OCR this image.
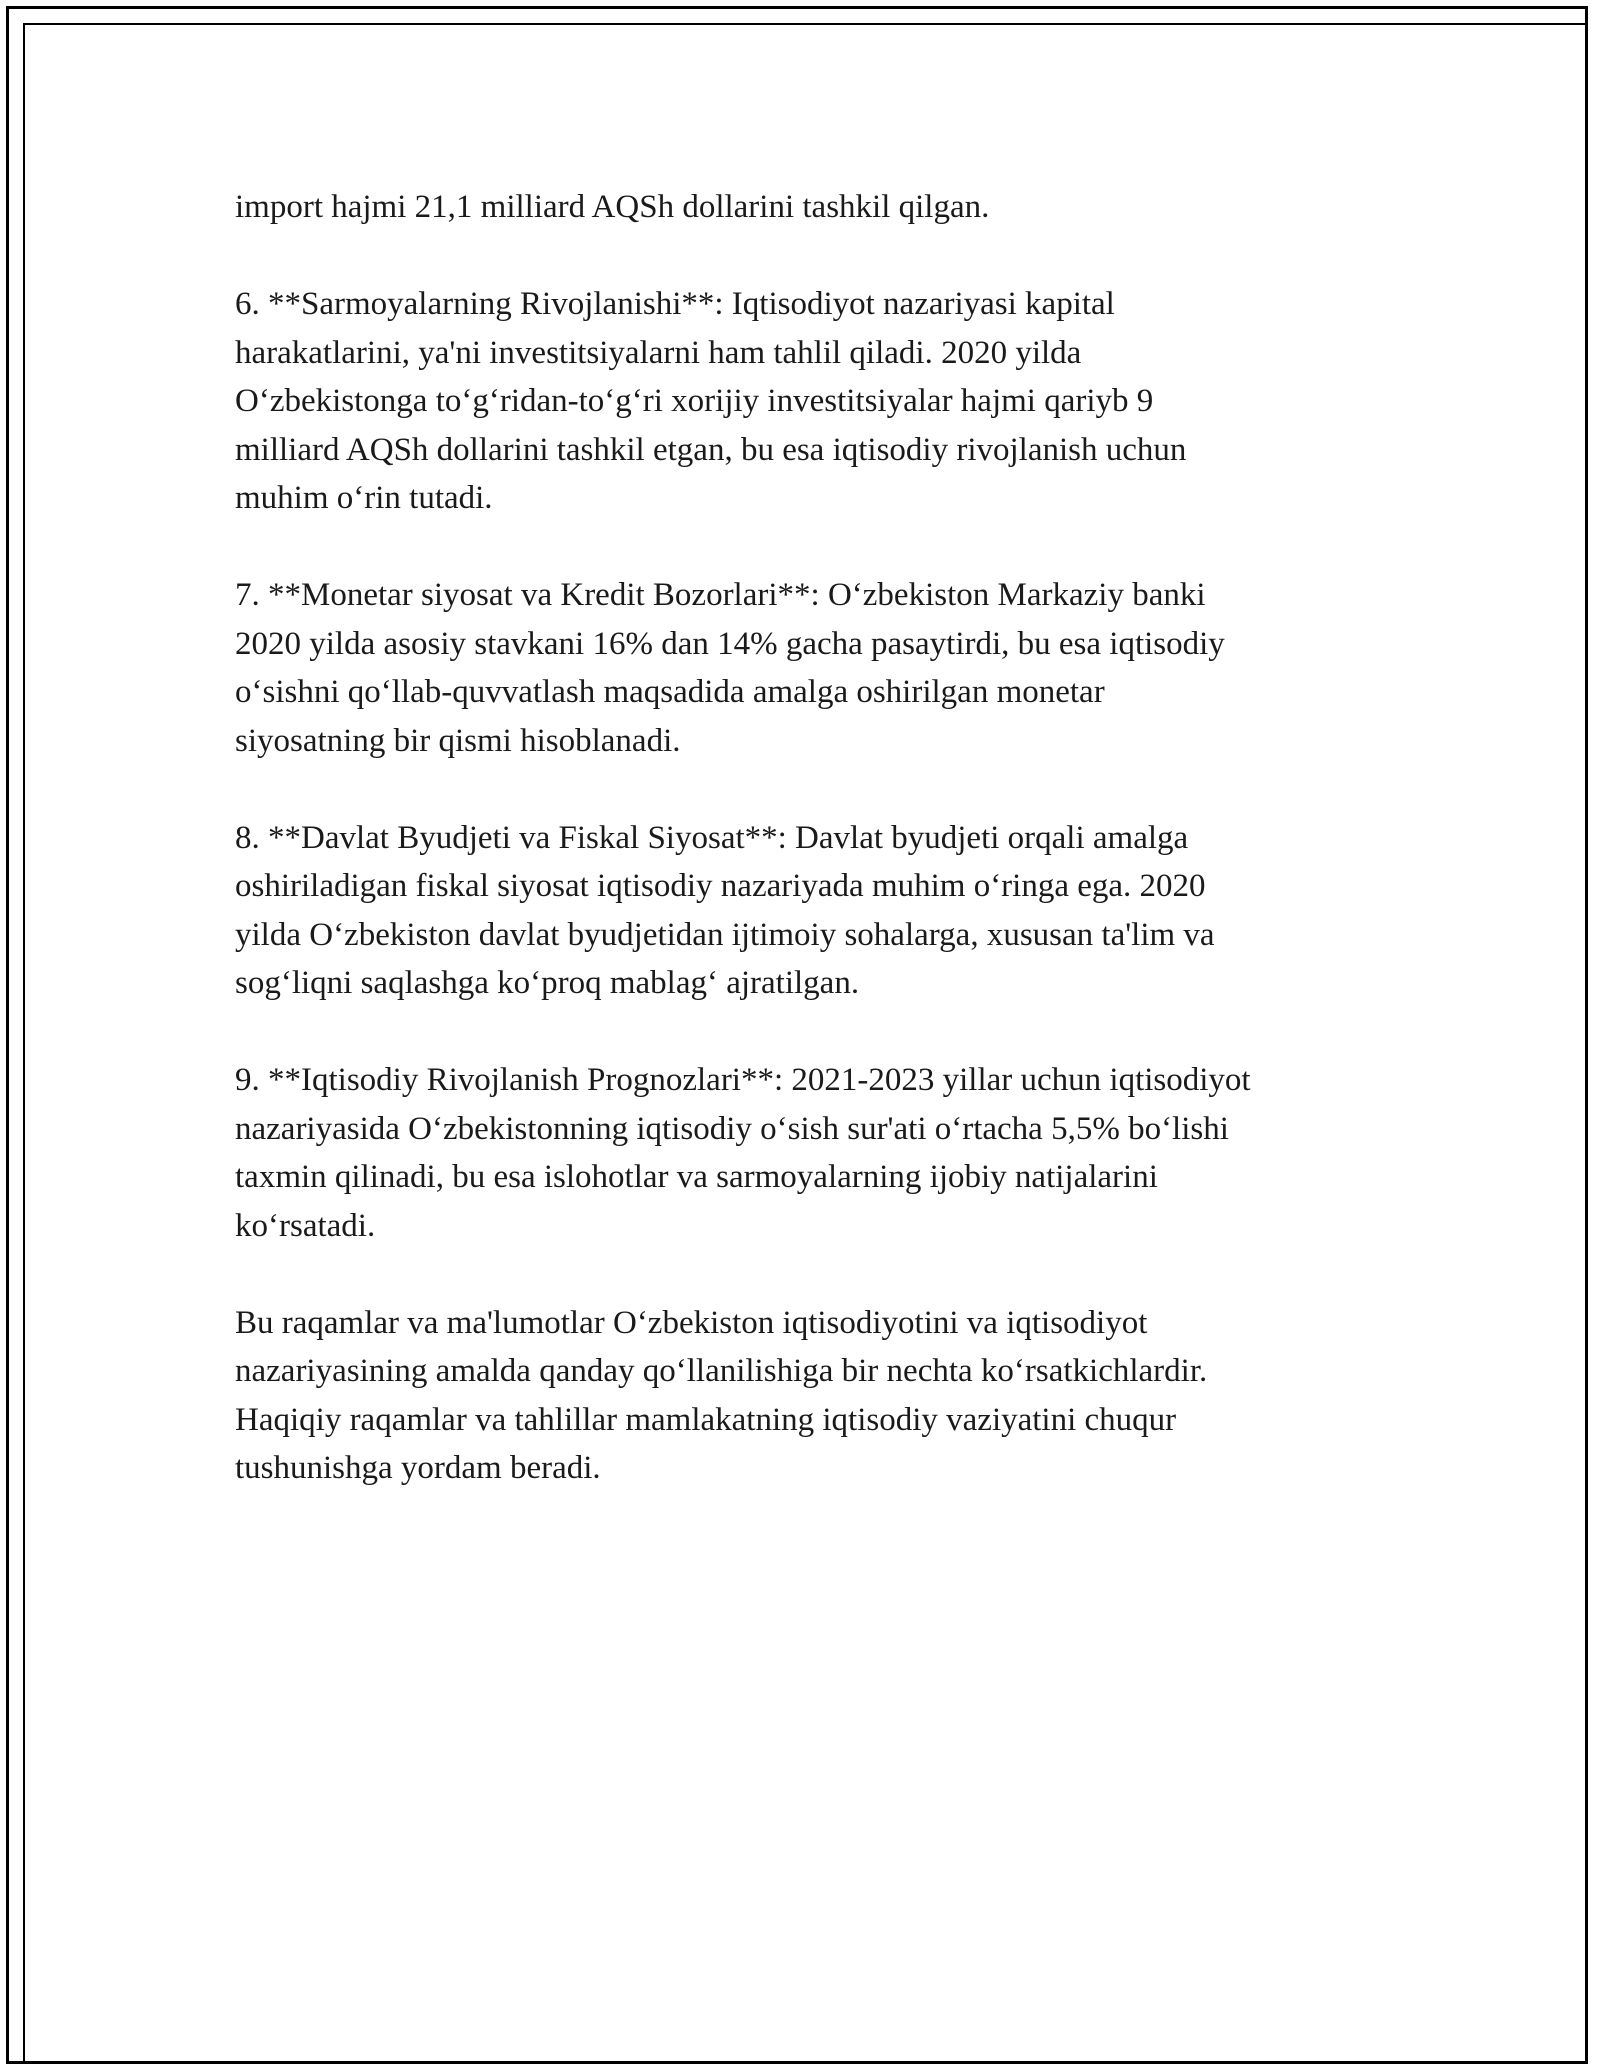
import hajmi 21,1 milliard AQSh dollarini tashkil qilgan.

6. **Sarmoyalarning Rivojlanishi**: Iqtisodiyot nazariyasi kapital
harakatlarini, ya'ni investitsiyalarni ham tahlil qiladi. 2020 yilda
O‘zbekistonga to‘g‘ridan-to‘g‘ri xorijiy investitsiyalar hajmi qariyb 9
milliard AQSh dollarini tashkil etgan, bu esa iqtisodiy rivojlanish uchun
muhim o‘rin tutadi.

7. **Monetar siyosat va Kredit Bozorlari**: O‘zbekiston Markaziy banki
2020 yilda asosiy stavkani 16% dan 14% gacha pasaytirdi, bu esa iqtisodiy
o‘sishni qo‘llab-quvvatlash maqsadida amalga oshirilgan monetar
siyosatning bir qismi hisoblanadi.

8. **Davlat Byudjeti va Fiskal Siyosat**: Davlat byudjeti orqali amalga
oshiriladigan fiskal siyosat iqtisodiy nazariyada muhim o‘ringa ega. 2020
yilda O‘zbekiston davlat byudjetidan ijtimoiy sohalarga, xususan ta'lim va
sog‘liqni saqlashga ko‘proq mablag‘ ajratilgan.

9. **Iqtisodiy Rivojlanish Prognozlari**: 2021-2023 yillar uchun iqtisodiyot
nazariyasida O‘zbekistonning iqtisodiy o‘sish sur'ati o‘rtacha 5,5% bo‘lishi
taxmin qilinadi, bu esa islohotlar va sarmoyalarning ijobiy natijalarini
ko‘rsatadi.

Bu raqamlar va ma'lumotlar O‘zbekiston iqtisodiyotini va iqtisodiyot
nazariyasining amalda qanday qo‘llanilishiga bir nechta ko‘rsatkichlardir.
Haqiqiy raqamlar va tahlillar mamlakatning iqtisodiy vaziyatini chuqur
tushunishga yordam beradi.
